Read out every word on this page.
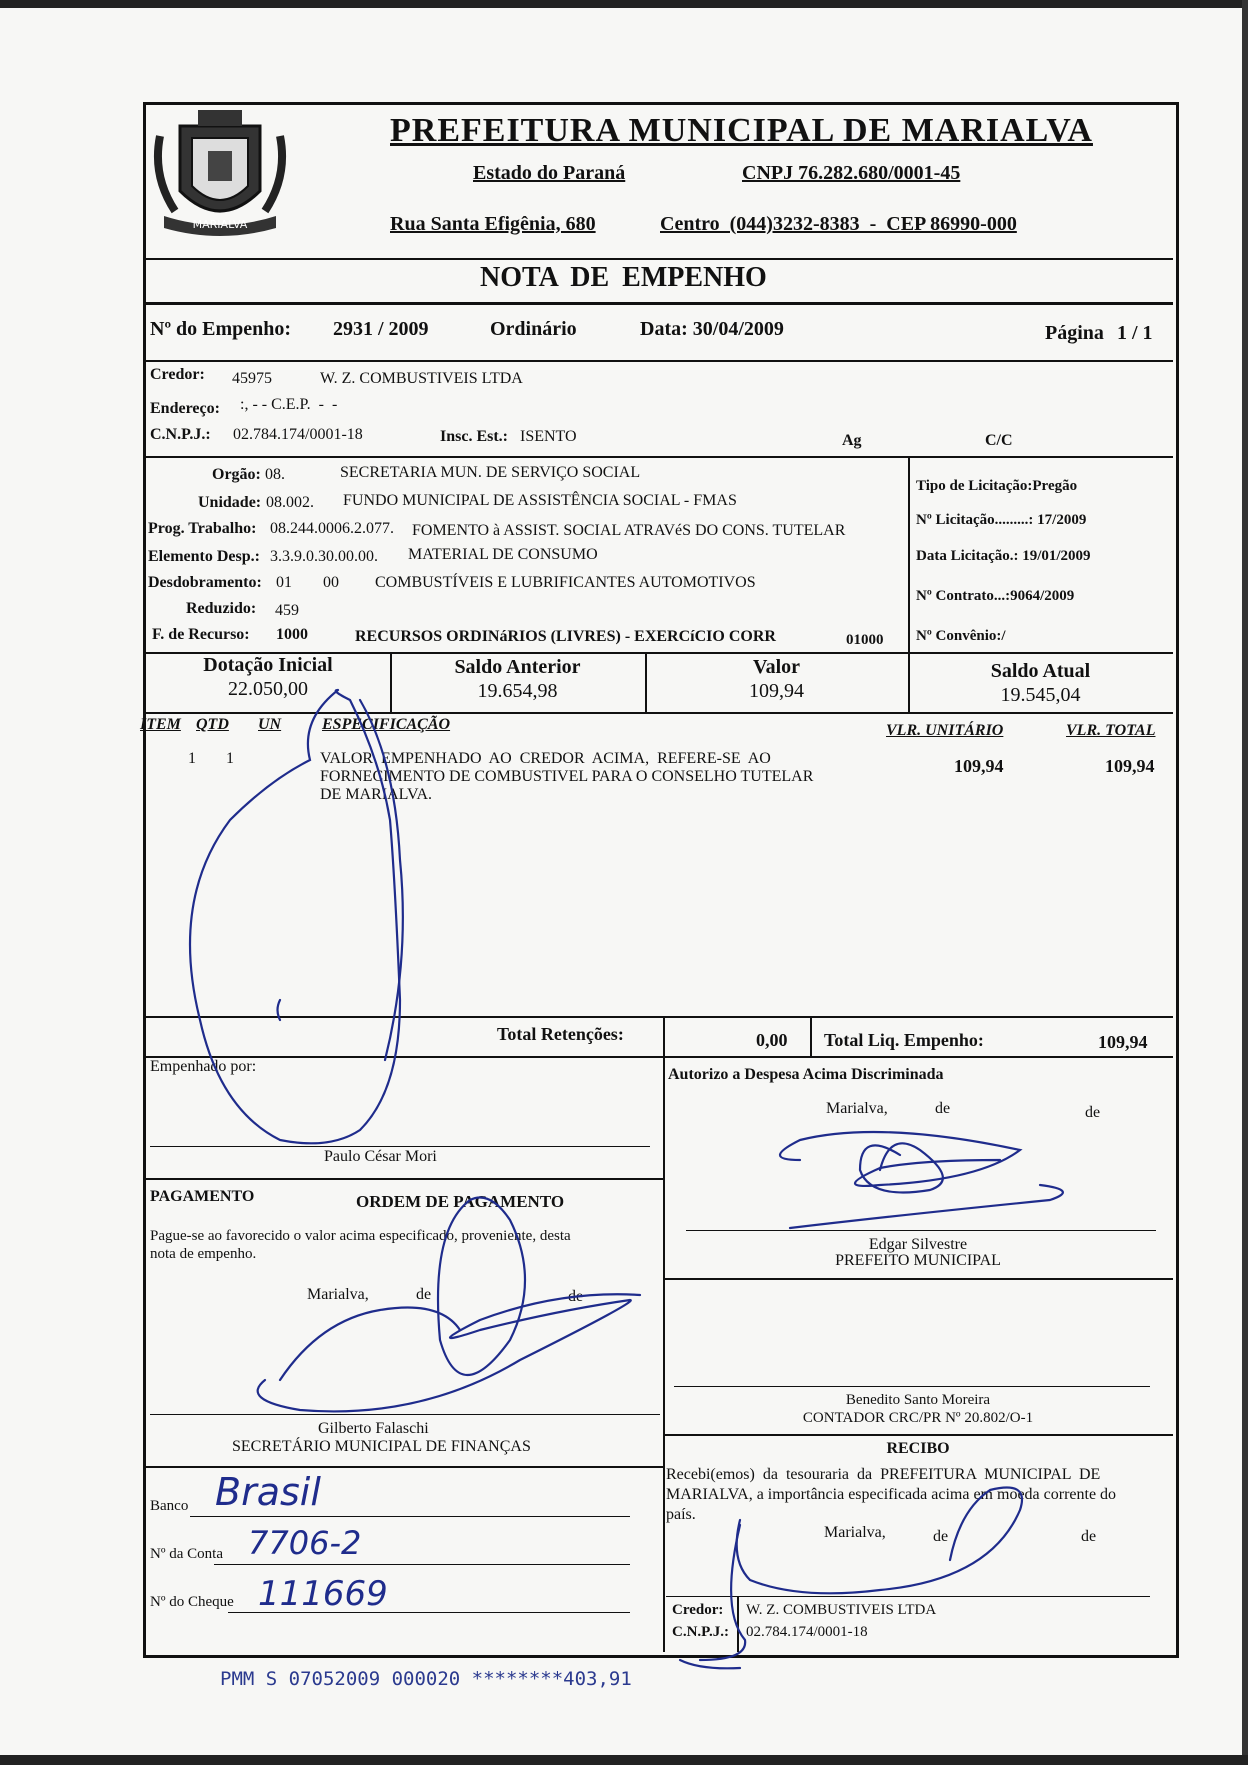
MARIALVA
PREFEITURA MUNICIPAL DE MARIALVA
Estado do Paraná	CNPJ 76.282.680/0001-45
Rua Santa Efigênia, 680	Centro  (044)3232-8383  -  CEP 86990-000
NOTA DE EMPENHO
Nº do Empenho: 2931 / 2009	Ordinário	Data: 30/04/2009	Página 1 / 1
Credor: 45975	W. Z. COMBUSTIVEIS LTDA
Endereço: :, - - C.E.P.  -  -
C.N.P.J.: 02.784.174/0001-18	Insc. Est.: ISENTO	Ag	C/C
Orgão: 08.	SECRETARIA MUN. DE SERVIÇO SOCIAL
Unidade: 08.002. FUNDO MUNICIPAL DE ASSISTÊNCIA SOCIAL - FMAS
Prog. Trabalho: 08.244.0006.2.077. FOMENTO à ASSIST. SOCIAL ATRAVéS DO CONS. TUTELAR
Elemento Desp.: 3.3.9.0.30.00.00. MATERIAL DE CONSUMO
Desdobramento: 01 00 COMBUSTÍVEIS E LUBRIFICANTES AUTOMOTIVOS
Reduzido: 459
F. de Recurso: 1000	RECURSOS ORDINáRIOS (LIVRES) - EXERCíCIO CORR	01000
Tipo de Licitação:Pregão
Nº Licitação.........: 17/2009
Data Licitação.: 19/01/2009
Nº Contrato...:9064/2009
Nº Convênio:/
Dotação Inicial
22.050,00
Saldo Anterior
19.654,98
Valor
109,94
Saldo Atual
19.545,04
ITEM QTD UN	ESPECIFICAÇÃO	VLR. UNITÁRIO	VLR. TOTAL
1 1	VALOR  EMPENHADO  AO  CREDOR  ACIMA,  REFERE-SE  AO
FORNECIMENTO DE COMBUSTIVEL PARA O CONSELHO TUTELAR
DE MARIALVA.
109,94	109,94
Total Retenções:	0,00 Total Liq. Empenho:	109,94
Empenhado por:
Paulo César Mori
Autorizo a Despesa Acima Discriminada
Marialva,	de	de
Edgar Silvestre
PREFEITO MUNICIPAL
PAGAMENTO	ORDEM DE PAGAMENTO
Pague-se ao favorecido o valor acima especificado, proveniente, desta
nota de empenho.
Marialva,	de	de
Gilberto Falaschi
SECRETÁRIO MUNICIPAL DE FINANÇAS
Benedito Santo Moreira
CONTADOR CRC/PR Nº 20.802/O-1
RECIBO
Recebi(emos)  da  tesouraria  da  PREFEITURA  MUNICIPAL  DE
MARIALVA, a importância especificada acima em moeda corrente do
país.
Marialva,	de	de
Credor: W. Z. COMBUSTIVEIS LTDA
C.N.P.J.: 02.784.174/0001-18
Banco Brasil
Nº da Conta 7706-2
Nº do Cheque 111669
PMM S 07052009 000020 ********403,91
